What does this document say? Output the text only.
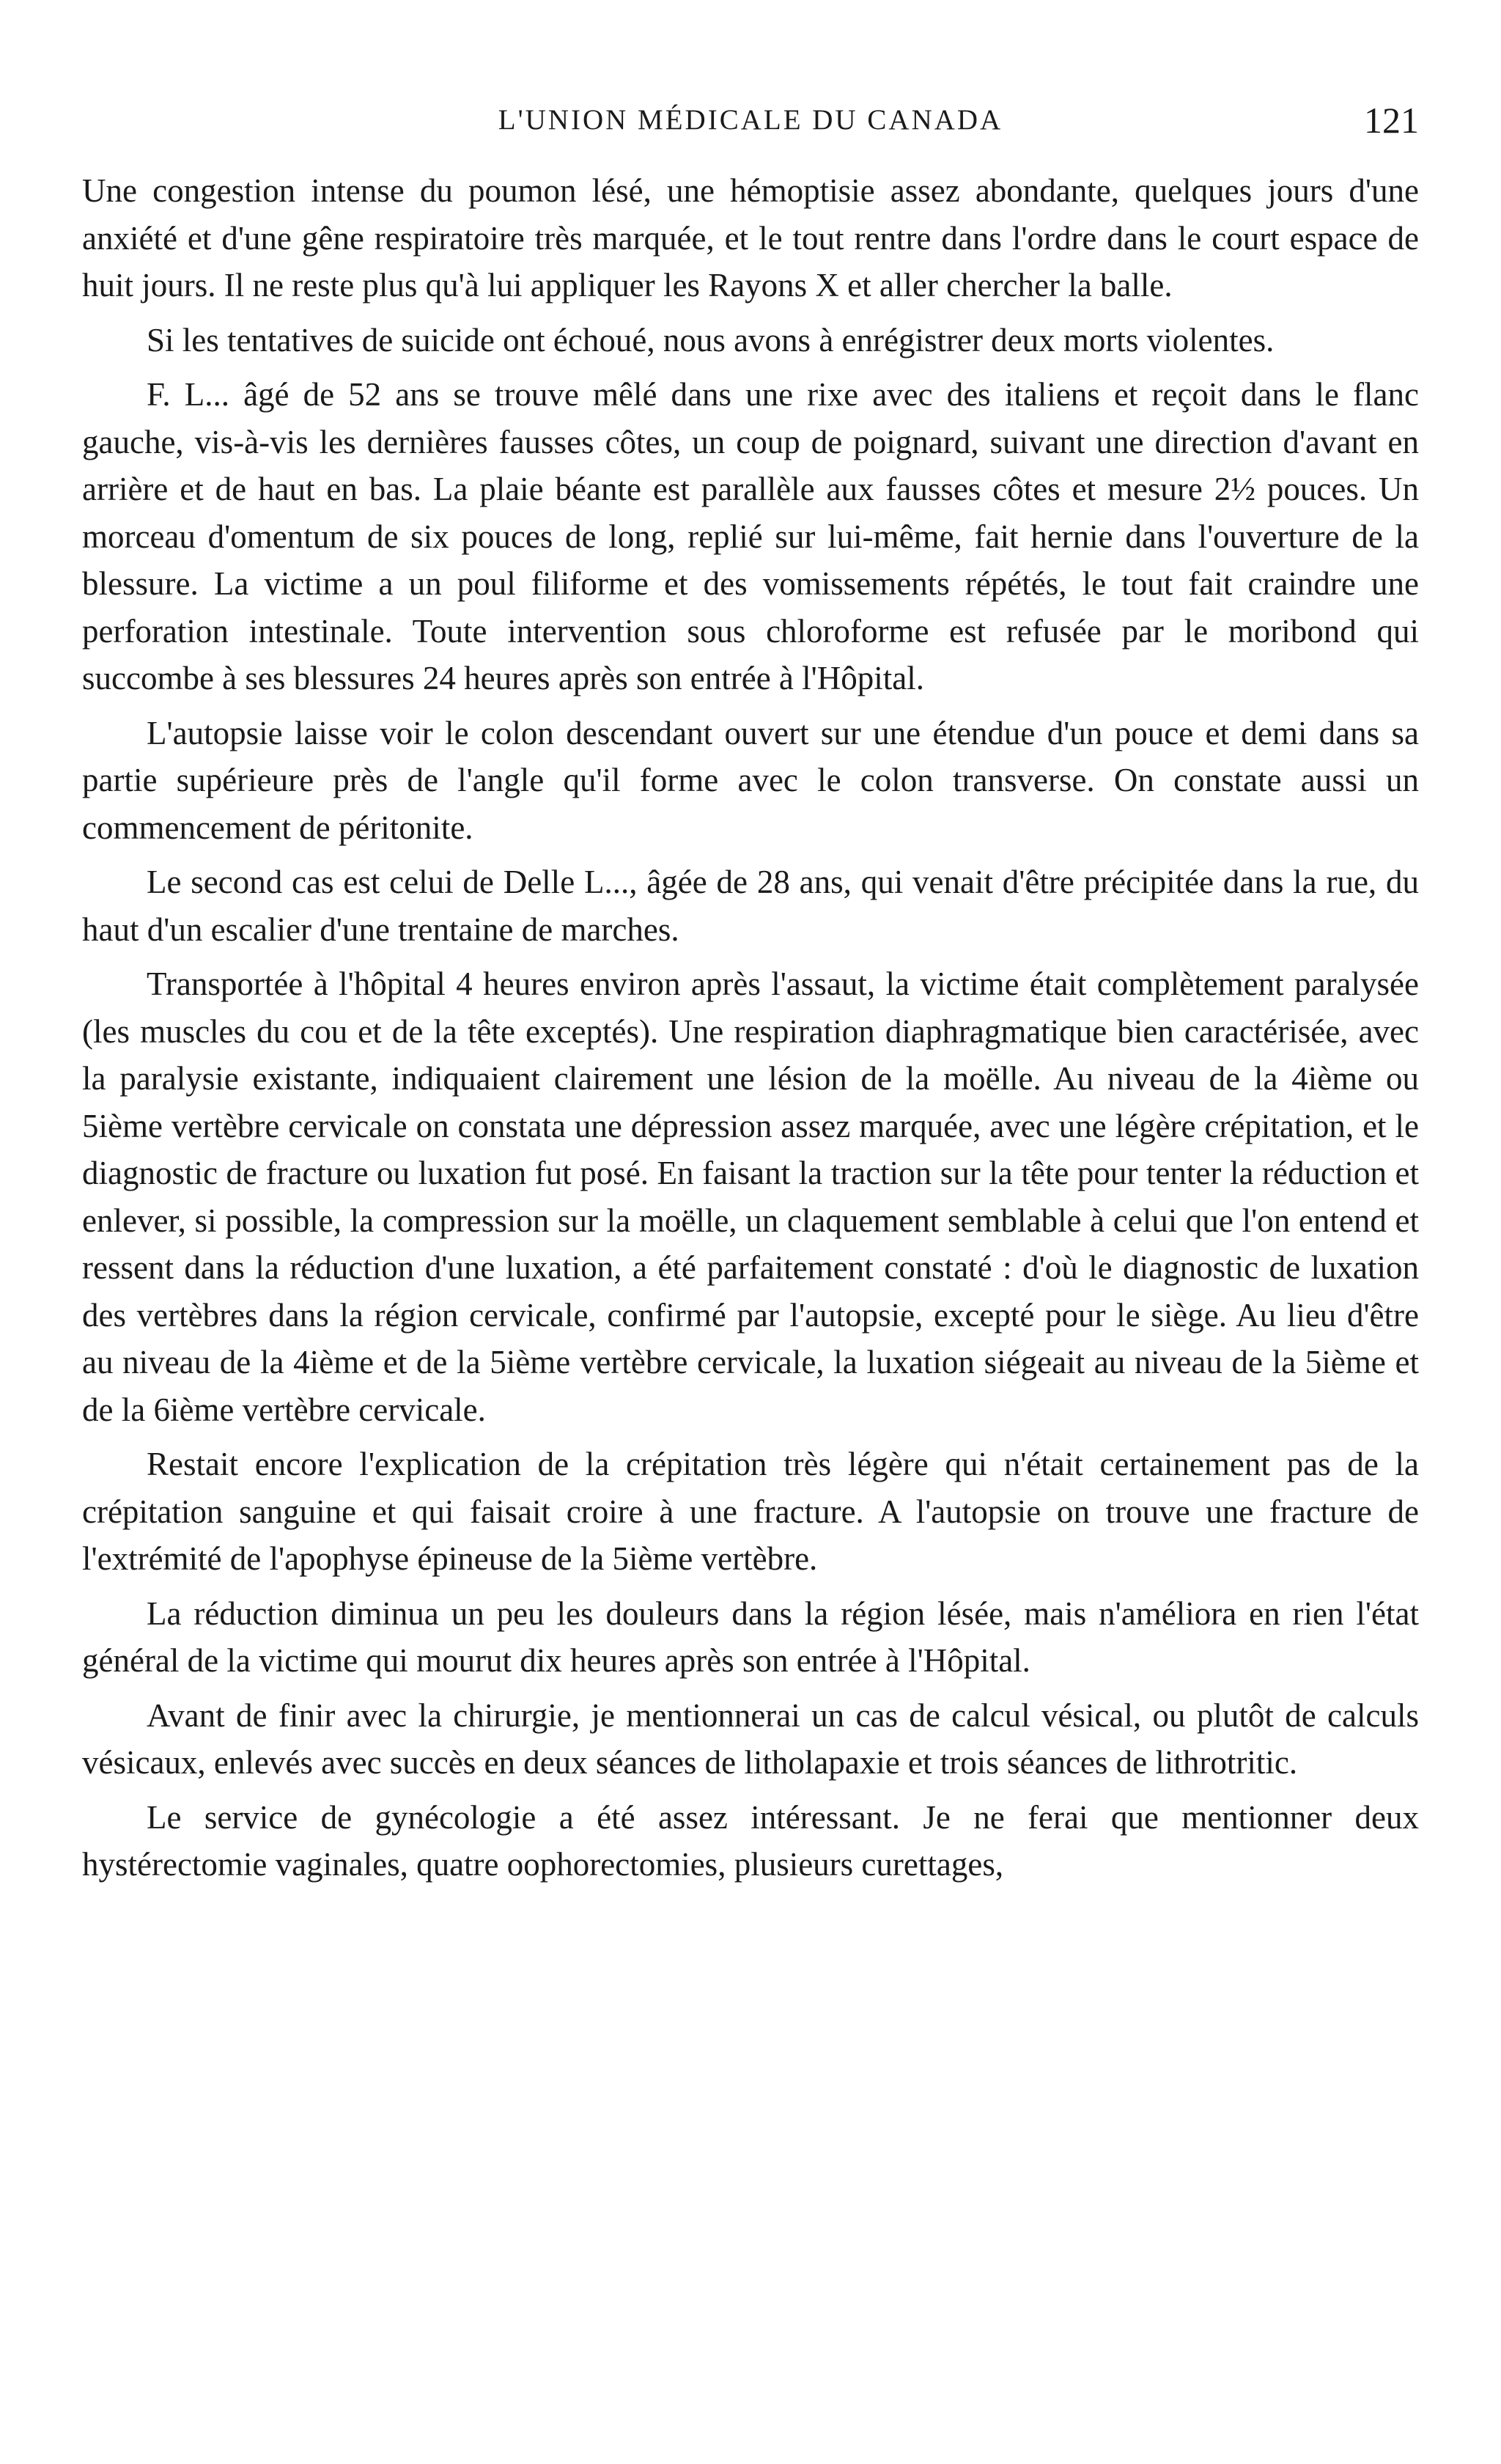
L'UNION MÉDICALE DU CANADA	121

Une congestion intense du poumon lésé, une hémoptisie assez abondante, quelques jours d'une anxiété et d'une gêne respiratoire très marquée, et le tout rentre dans l'ordre dans le court espace de huit jours. Il ne reste plus qu'à lui appliquer les Rayons X et aller chercher la balle.

Si les tentatives de suicide ont échoué, nous avons à enrégistrer deux morts violentes.

F. L... âgé de 52 ans se trouve mêlé dans une rixe avec des italiens et reçoit dans le flanc gauche, vis-à-vis les dernières fausses côtes, un coup de poignard, suivant une direction d'avant en arrière et de haut en bas. La plaie béante est parallèle aux fausses côtes et mesure 2½ pouces. Un morceau d'omentum de six pouces de long, replié sur lui-même, fait hernie dans l'ouverture de la blessure. La victime a un poul filiforme et des vomissements répétés, le tout fait craindre une perforation intestinale. Toute intervention sous chloroforme est refusée par le moribond qui succombe à ses blessures 24 heures après son entrée à l'Hôpital.

L'autopsie laisse voir le colon descendant ouvert sur une étendue d'un pouce et demi dans sa partie supérieure près de l'angle qu'il forme avec le colon transverse. On constate aussi un commencement de péritonite.

Le second cas est celui de Delle L..., âgée de 28 ans, qui venait d'être précipitée dans la rue, du haut d'un escalier d'une trentaine de marches.

Transportée à l'hôpital 4 heures environ après l'assaut, la victime était complètement paralysée (les muscles du cou et de la tête exceptés). Une respiration diaphragmatique bien caractérisée, avec la paralysie existante, indiquaient clairement une lésion de la moëlle. Au niveau de la 4ième ou 5ième vertèbre cervicale on constata une dépression assez marquée, avec une légère crépitation, et le diagnostic de fracture ou luxation fut posé. En faisant la traction sur la tête pour tenter la réduction et enlever, si possible, la compression sur la moëlle, un claquement semblable à celui que l'on entend et ressent dans la réduction d'une luxation, a été parfaitement constaté : d'où le diagnostic de luxation des vertèbres dans la région cervicale, confirmé par l'autopsie, excepté pour le siège. Au lieu d'être au niveau de la 4ième et de la 5ième vertèbre cervicale, la luxation siégeait au niveau de la 5ième et de la 6ième vertèbre cervicale.

Restait encore l'explication de la crépitation très légère qui n'était certainement pas de la crépitation sanguine et qui faisait croire à une fracture. A l'autopsie on trouve une fracture de l'extrémité de l'apophyse épineuse de la 5ième vertèbre.

La réduction diminua un peu les douleurs dans la région lésée, mais n'améliora en rien l'état général de la victime qui mourut dix heures après son entrée à l'Hôpital.

Avant de finir avec la chirurgie, je mentionnerai un cas de calcul vésical, ou plutôt de calculs vésicaux, enlevés avec succès en deux séances de litholapaxie et trois séances de lithrotritic.

Le service de gynécologie a été assez intéressant. Je ne ferai que mentionner deux hystérectomie vaginales, quatre oophorectomies, plusieurs curettages,
